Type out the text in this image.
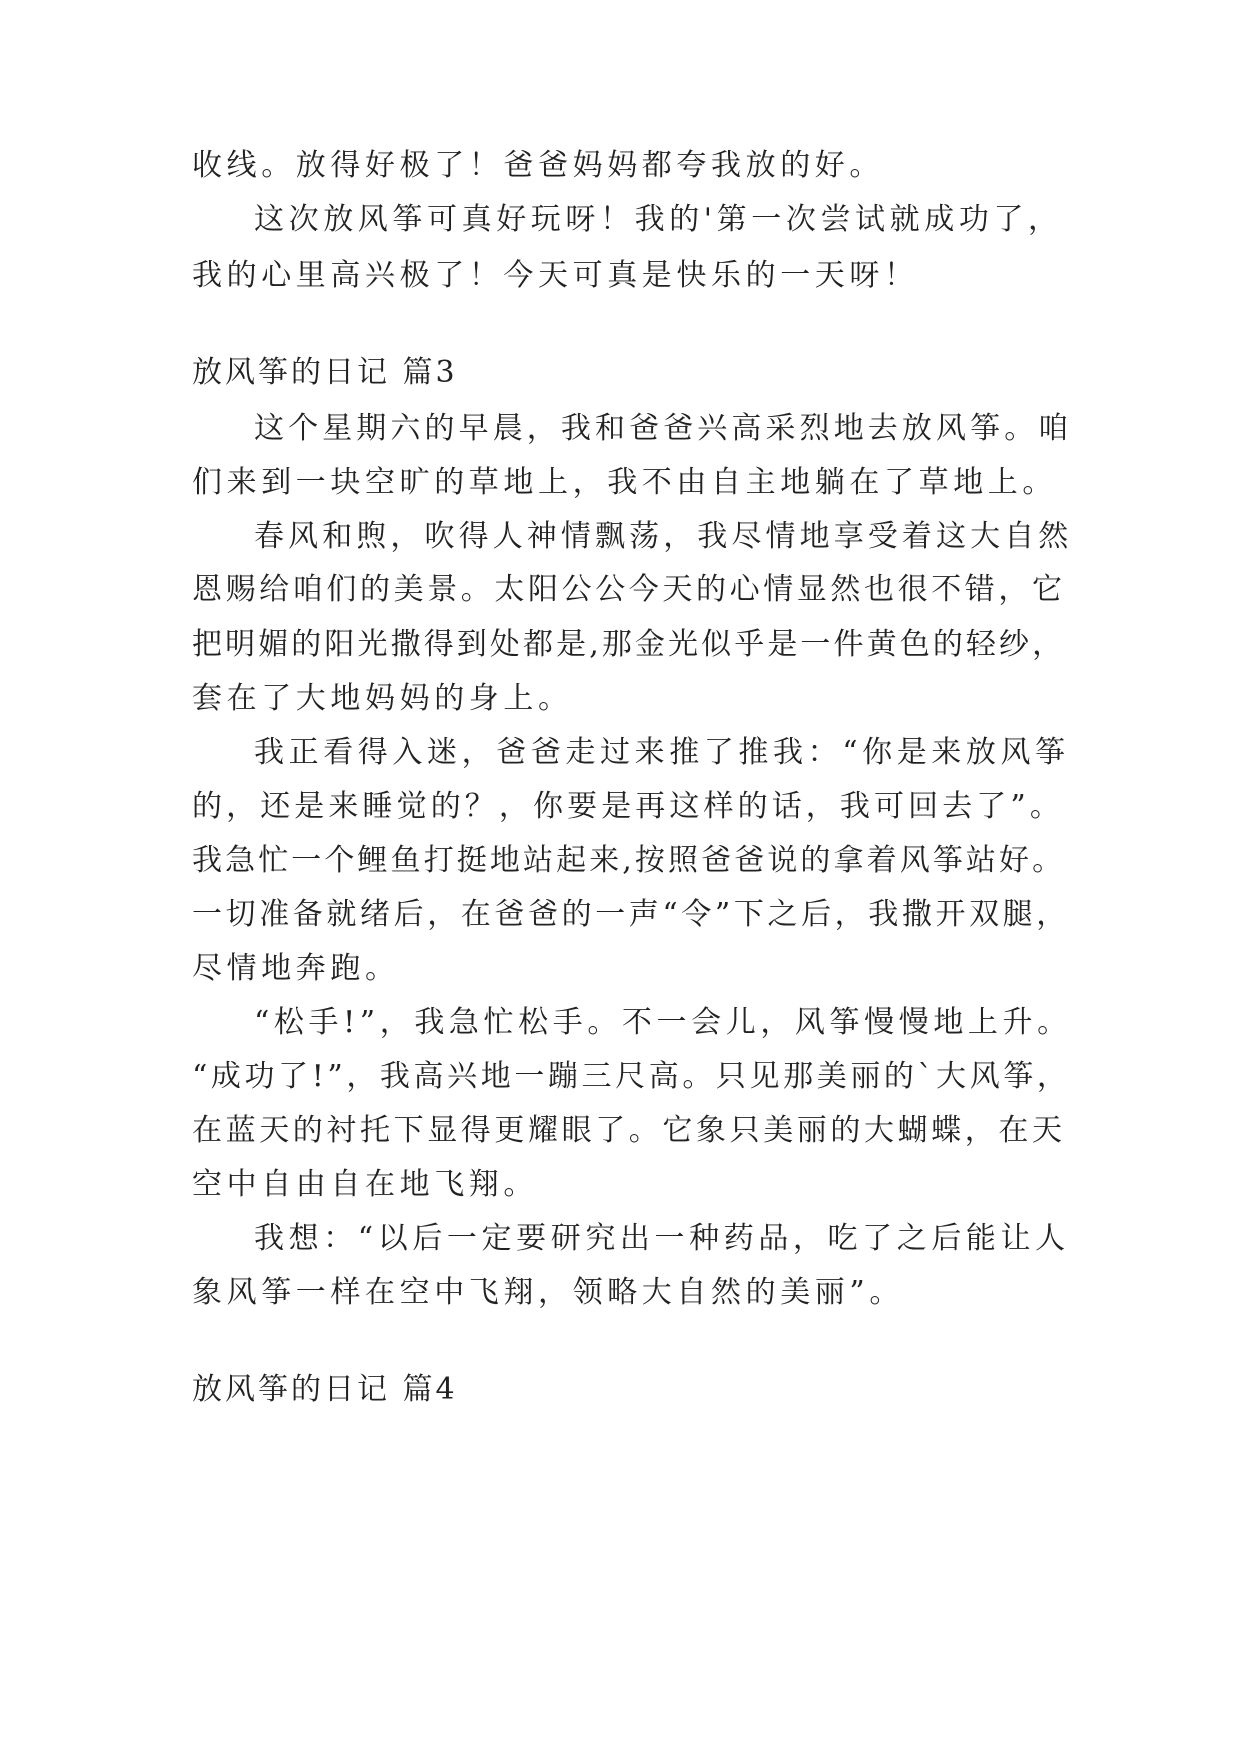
收线。放得好极了！爸爸妈妈都夸我放的好。
这次放风筝可真好玩呀！我的'第一次尝试就成功了，
我的心里高兴极了！今天可真是快乐的一天呀！
放风筝的日记 篇3
这个星期六的早晨，我和爸爸兴高采烈地去放风筝。咱
们来到一块空旷的草地上，我不由自主地躺在了草地上。
春风和煦，吹得人神情飘荡，我尽情地享受着这大自然
恩赐给咱们的美景。太阳公公今天的心情显然也很不错，它
把明媚的阳光撒得到处都是,那金光似乎是一件黄色的轻纱，
套在了大地妈妈的身上。
我正看得入迷，爸爸走过来推了推我：“你是来放风筝
的，还是来睡觉的？，你要是再这样的话，我可回去了”。
我急忙一个鲤鱼打挺地站起来,按照爸爸说的拿着风筝站好。
一切准备就绪后，在爸爸的一声“令”下之后，我撒开双腿，
尽情地奔跑。
“松手!”，我急忙松手。不一会儿，风筝慢慢地上升。
“成功了!”，我高兴地一蹦三尺高。只见那美丽的`大风筝，
在蓝天的衬托下显得更耀眼了。它象只美丽的大蝴蝶，在天
空中自由自在地飞翔。
我想：“以后一定要研究出一种药品，吃了之后能让人
象风筝一样在空中飞翔，领略大自然的美丽”。
放风筝的日记 篇4
